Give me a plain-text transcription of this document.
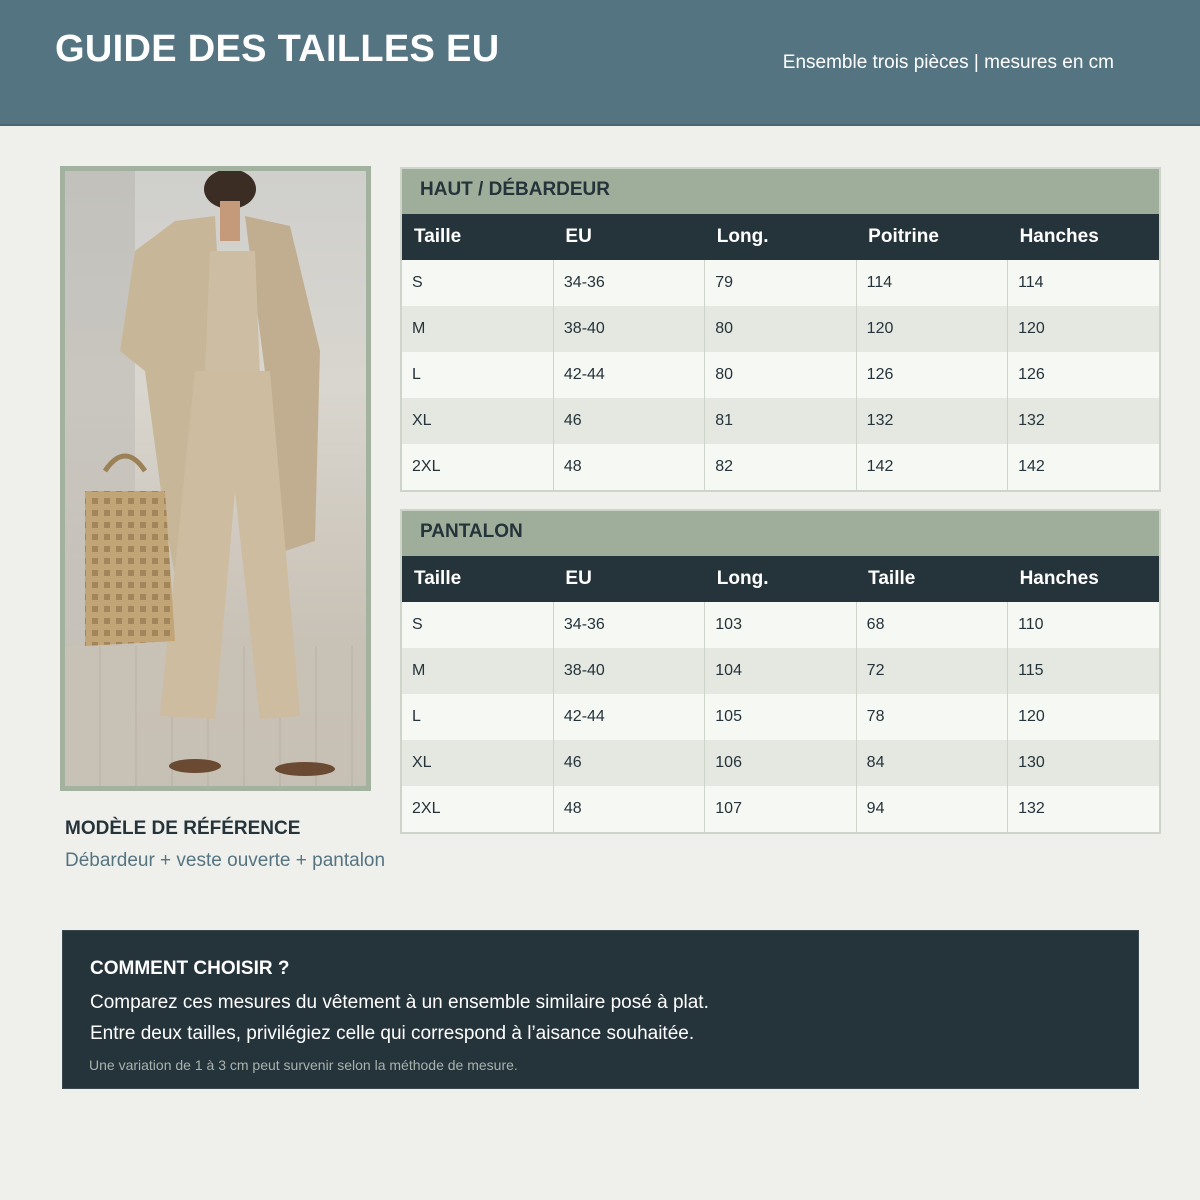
GUIDE DES TAILLES EU	Ensemble trois pièces | mesures en cm
MODÈLE DE RÉFÉRENCE
Débardeur + veste ouverte + pantalon
HAUT / DÉBARDEUR
Taille	EU	Long.	Poitrine	Hanches
S	34-36	79	114	114
M	38-40	80	120	120
L	42-44	80	126	126
XL	46	81	132	132
2XL	48	82	142	142
PANTALON
Taille	EU	Long.	Taille	Hanches
S	34-36	103	68	110
M	38-40	104	72	115
L	42-44	105	78	120
XL	46	106	84	130
2XL	48	107	94	132
COMMENT CHOISIR ?
Comparez ces mesures du vêtement à un ensemble similaire posé à plat.
Entre deux tailles, privilégiez celle qui correspond à l’aisance souhaitée.
Une variation de 1 à 3 cm peut survenir selon la méthode de mesure.
